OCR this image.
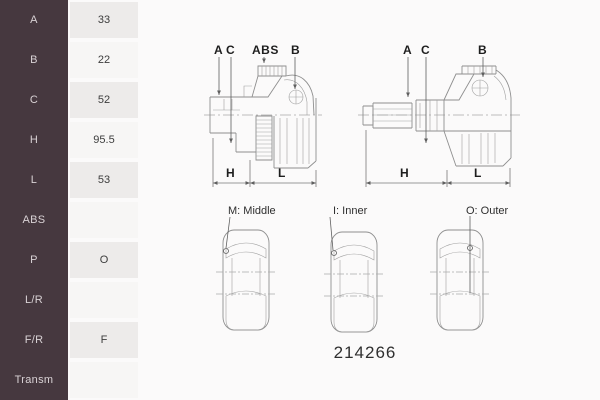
A	33
B	22
C	52
H	95.5
L	53
ABS
P	O
L/R
F/R	F
Transm
A C ABS B
H	L
A C	B
H	L
M: Middle	I: Inner	O: Outer
214266
